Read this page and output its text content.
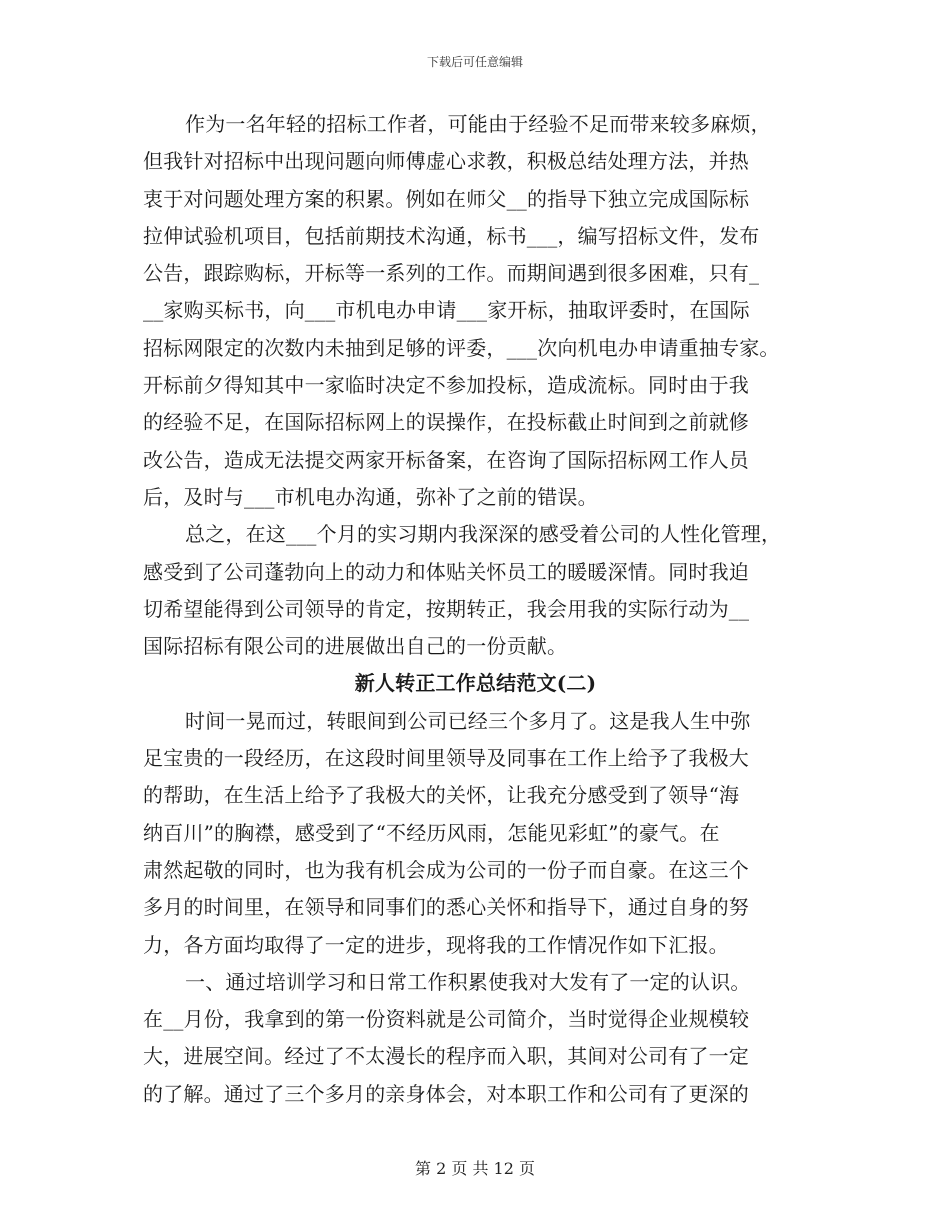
下载后可任意编辑
作为一名年轻的招标工作者，可能由于经验不足而带来较多麻烦，
但我针对招标中出现问题向师傅虚心求教，积极总结处理方法，并热
衷于对问题处理方案的积累。例如在师父__的指导下独立完成国际标
拉伸试验机项目，包括前期技术沟通，标书___，编写招标文件，发布
公告，跟踪购标，开标等一系列的工作。而期间遇到很多困难，只有_
__家购买标书，向___市机电办申请___家开标，抽取评委时，在国际
招标网限定的次数内未抽到足够的评委，___次向机电办申请重抽专家。
开标前夕得知其中一家临时决定不参加投标，造成流标。同时由于我
的经验不足，在国际招标网上的误操作，在投标截止时间到之前就修
改公告，造成无法提交两家开标备案，在咨询了国际招标网工作人员
后，及时与___市机电办沟通，弥补了之前的错误。
总之，在这___个月的实习期内我深深的感受着公司的人性化管理，
感受到了公司蓬勃向上的动力和体贴关怀员工的暖暖深情。同时我迫
切希望能得到公司领导的肯定，按期转正，我会用我的实际行动为__
国际招标有限公司的进展做出自己的一份贡献。
新人转正工作总结范文(二)
时间一晃而过，转眼间到公司已经三个多月了。这是我人生中弥
足宝贵的一段经历，在这段时间里领导及同事在工作上给予了我极大
的帮助，在生活上给予了我极大的关怀，让我充分感受到了领导“海
纳百川”的胸襟，感受到了“不经历风雨，怎能见彩虹”的豪气。在
肃然起敬的同时，也为我有机会成为公司的一份子而自豪。在这三个
多月的时间里，在领导和同事们的悉心关怀和指导下，通过自身的努
力，各方面均取得了一定的进步，现将我的工作情况作如下汇报。
一、通过培训学习和日常工作积累使我对大发有了一定的认识。
在__月份，我拿到的第一份资料就是公司简介，当时觉得企业规模较
大，进展空间。经过了不太漫长的程序而入职，其间对公司有了一定
的了解。通过了三个多月的亲身体会，对本职工作和公司有了更深的
第 2 页 共 12 页
